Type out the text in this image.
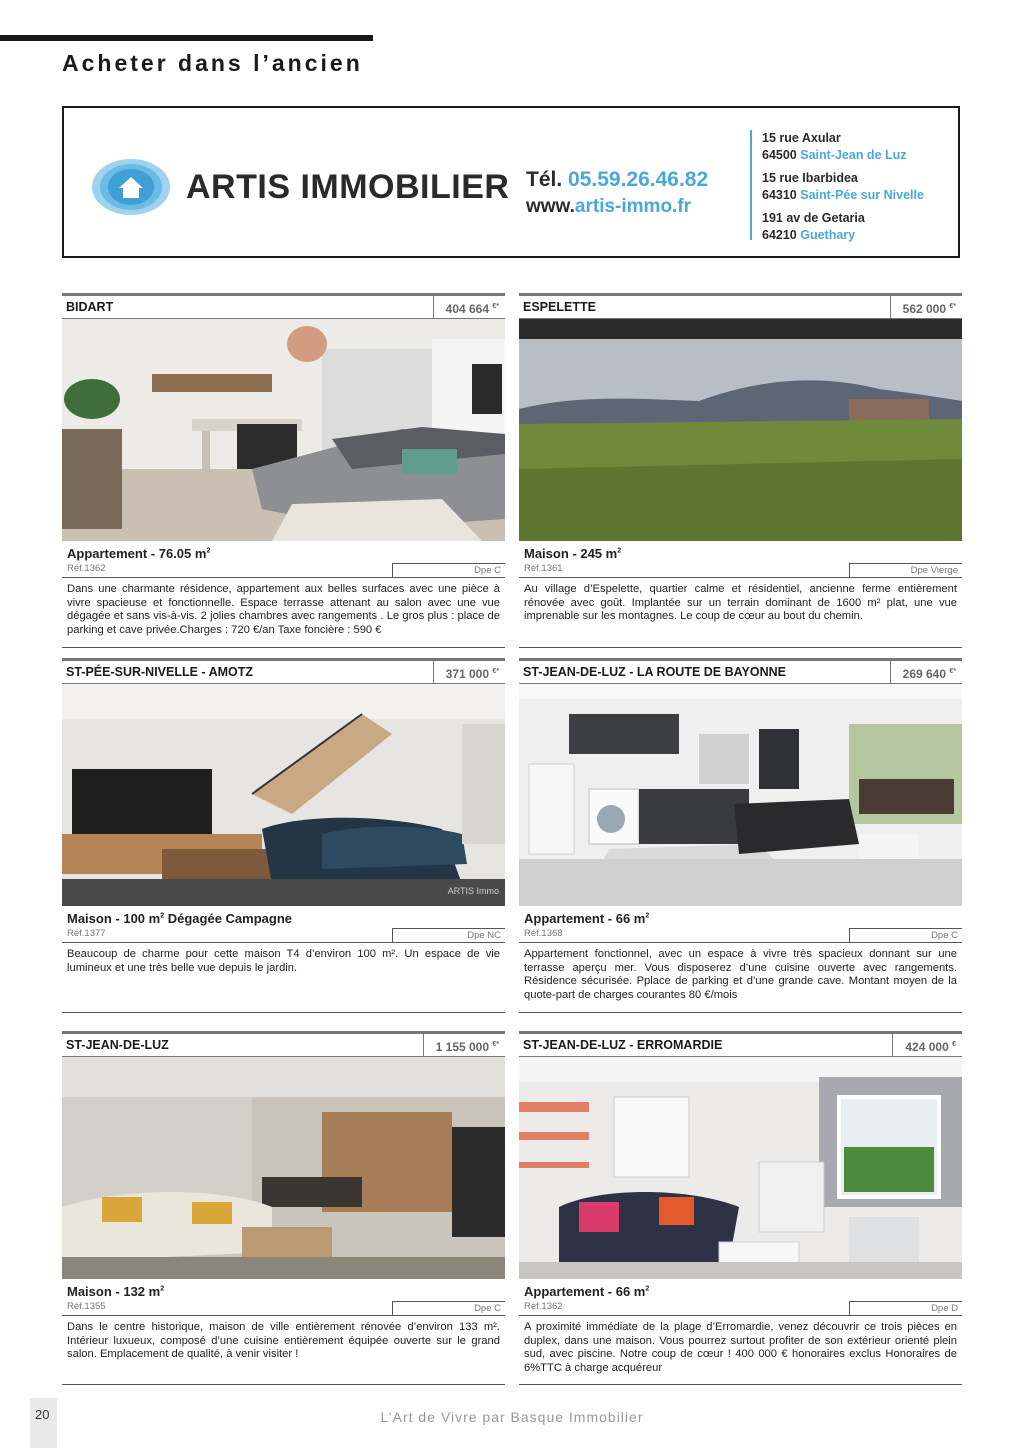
Acheter dans l’ancien
ARTIS IMMOBILIER Tél. 05.59.26.46.82
www.artis-immo.fr
15 rue Axular
64500 Saint-Jean de Luz
15 rue Ibarbidea
64310 Saint-Pée sur Nivelle
191 av de Getaria
64210 Guethary
BIDART	404 664 €*
Appartement - 76.05 $m^2$
Réf.1362	Dpe C
Dans une charmante résidence, appartement aux belles surfaces avec une pièce à vivre spacieuse et fonctionnelle. Espace terrasse attenant au salon avec une vue dégagée et sans vis-à-vis. 2 jolies chambres avec rangements . Le gros plus : place de parking et cave privée.Charges : 720 €/an Taxe foncière : 590 €
ESPELETTE	562 000 €*
Maison - 245 $m^2$
Réf.1361	Dpe Vierge
Au village d’Espelette, quartier calme et résidentiel, ancienne ferme entièrement rénovée avec goût. Implantée sur un terrain dominant de 1600 m² plat, une vue imprenable sur les montagnes. Le coup de cœur au bout du chemin.
ST-PÉE-SUR-NIVELLE - AMOTZ	371 000 €*
ARTIS Immo
Maison - 100 $m^2$ Dégagée Campagne
Réf.1377	Dpe NC
Beaucoup de charme pour cette maison T4 d’environ 100 m². Un espace de vie lumineux et une très belle vue depuis le jardin.
ST-JEAN-DE-LUZ - LA ROUTE DE BAYONNE	269 640 €*
Appartement - 66 $m^2$
Réf.1368	Dpe C
Appartement fonctionnel, avec un espace à vivre très spacieux donnant sur une terrasse aperçu mer. Vous disposerez d’une cuisine ouverte avec rangements. Résidence sécurisée. Pplace de parking et d’une grande cave. Montant moyen de la quote-part de charges courantes 80 €/mois
ST-JEAN-DE-LUZ	1 155 000 €*
Maison - 132 $m^2$
Réf.1355	Dpe C
Dans le centre historique, maison de ville entièrement rénovée d’environ 133 m². Intérieur luxueux, composé d’une cuisine entièrement équipée ouverte sur le grand salon. Emplacement de qualité, à venir visiter !
ST-JEAN-DE-LUZ - ERROMARDIE	424 000 €
Appartement - 66 $m^2$
Réf.1362	Dpe D
A proximité immédiate de la plage d’Erromardie, venez découvrir ce trois pièces en duplex, dans une maison. Vous pourrez surtout profiter de son extérieur orienté plein sud, avec piscine. Notre coup de cœur ! 400 000 € honoraires exclus Honoraires de 6%TTC à charge acquéreur
20	L’Art de Vivre par Basque Immobilier
